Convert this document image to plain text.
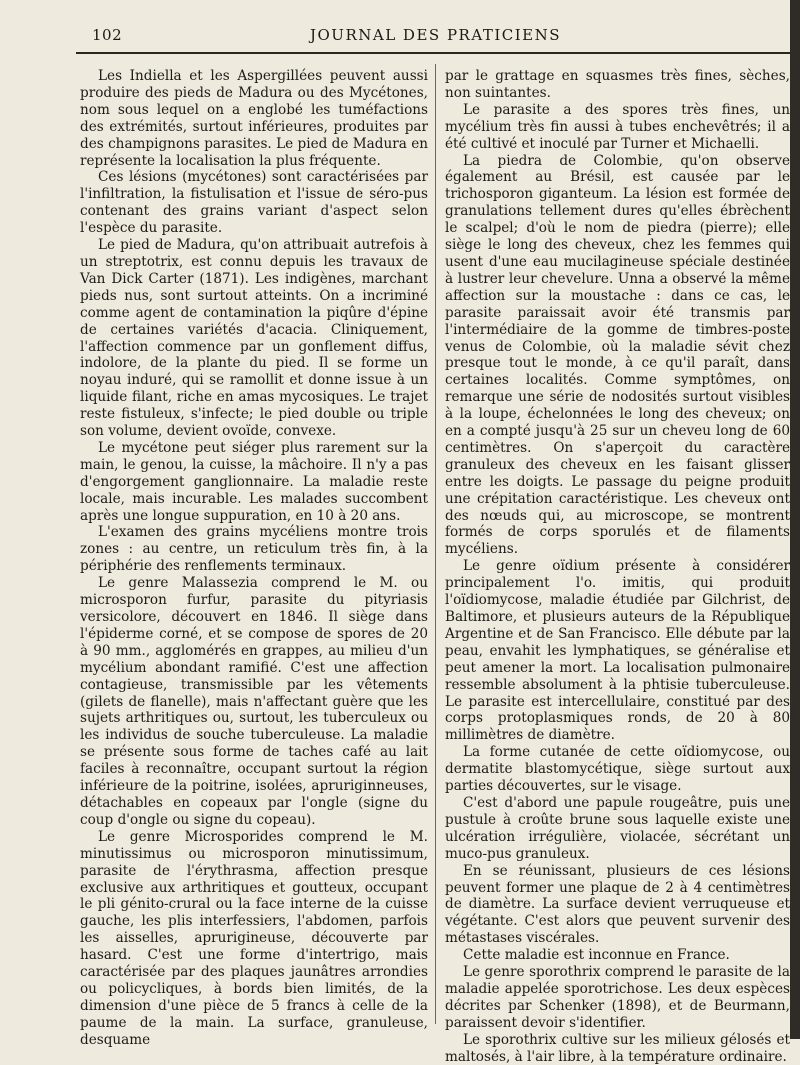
102	JOURNAL DES PRATICIENS

Les Indiella et les Aspergillées peuvent aussi produire des pieds de Madura ou des Mycétones, nom sous lequel on a englobé les tuméfactions des extrémités, surtout inférieures, produites par des champignons parasites. Le pied de Madura en représente la localisation la plus fréquente.

Ces lésions (mycétones) sont caractérisées par l'infiltration, la fistulisation et l'issue de séro-pus contenant des grains variant d'aspect selon l'espèce du parasite.

Le pied de Madura, qu'on attribuait autrefois à un streptotrix, est connu depuis les travaux de Van Dick Carter (1871). Les indigènes, marchant pieds nus, sont surtout atteints. On a incriminé comme agent de contamination la piqûre d'épine de certaines variétés d'acacia. Cliniquement, l'affection commence par un gonflement diffus, indolore, de la plante du pied. Il se forme un noyau induré, qui se ramollit et donne issue à un liquide filant, riche en amas mycosiques. Le trajet reste fistuleux, s'infecte; le pied double ou triple son volume, devient ovoïde, convexe.

Le mycétone peut siéger plus rarement sur la main, le genou, la cuisse, la mâchoire. Il n'y a pas d'engorgement ganglionnaire. La maladie reste locale, mais incurable. Les malades succombent après une longue suppuration, en 10 à 20 ans.

L'examen des grains mycéliens montre trois zones : au centre, un reticulum très fin, à la périphérie des renflements terminaux.

Le genre Malassezia comprend le M. ou microsporon furfur, parasite du pityriasis versicolore, découvert en 1846. Il siège dans l'épiderme corné, et se compose de spores de 20 à 90 mm., agglomérés en grappes, au milieu d'un mycélium abondant ramifié. C'est une affection contagieuse, transmissible par les vêtements (gilets de flanelle), mais n'affectant guère que les sujets arthritiques ou, surtout, les tuberculeux ou les individus de souche tuberculeuse. La maladie se présente sous forme de taches café au lait faciles à reconnaître, occupant surtout la région inférieure de la poitrine, isolées, apruriginneuses, détachables en copeaux par l'ongle (signe du coup d'ongle ou signe du copeau).

Le genre Microsporides comprend le M. minutissimus ou microsporon minutissimum, parasite de l'érythrasma, affection presque exclusive aux arthritiques et goutteux, occupant le pli génito-crural ou la face interne de la cuisse gauche, les plis interfessiers, l'abdomen, parfois les aisselles, aprurigineuse, découverte par hasard. C'est une forme d'intertrigo, mais caractérisée par des plaques jaunâtres arrondies ou policycliques, à bords bien limités, de la dimension d'une pièce de 5 francs à celle de la paume de la main. La surface, granuleuse, desquame

par le grattage en squasmes très fines, sèches, non suintantes.

Le parasite a des spores très fines, un mycélium très fin aussi à tubes enchevêtrés; il a été cultivé et inoculé par Turner et Michaelli.

La piedra de Colombie, qu'on observe également au Brésil, est causée par le trichosporon giganteum. La lésion est formée de granulations tellement dures qu'elles ébrèchent le scalpel; d'où le nom de piedra (pierre); elle siège le long des cheveux, chez les femmes qui usent d'une eau mucilagineuse spéciale destinée à lustrer leur chevelure. Unna a observé la même affection sur la moustache : dans ce cas, le parasite paraissait avoir été transmis par l'intermédiaire de la gomme de timbres-poste venus de Colombie, où la maladie sévit chez presque tout le monde, à ce qu'il paraît, dans certaines localités. Comme symptômes, on remarque une série de nodosités surtout visibles à la loupe, échelonnées le long des cheveux; on en a compté jusqu'à 25 sur un cheveu long de 60 centimètres. On s'aperçoit du caractère granuleux des cheveux en les faisant glisser entre les doigts. Le passage du peigne produit une crépitation caractéristique. Les cheveux ont des nœuds qui, au microscope, se montrent formés de corps sporulés et de filaments mycéliens.

Le genre oïdium présente à considérer principalement l'o. imitis, qui produit l'oïdiomycose, maladie étudiée par Gilchrist, de Baltimore, et plusieurs auteurs de la République Argentine et de San Francisco. Elle débute par la peau, envahit les lymphatiques, se généralise et peut amener la mort. La localisation pulmonaire ressemble absolument à la phtisie tuberculeuse. Le parasite est intercellulaire, constitué par des corps protoplasmiques ronds, de 20 à 80 millimètres de diamètre.

La forme cutanée de cette oïdiomycose, ou dermatite blastomycétique, siège surtout aux parties découvertes, sur le visage.

C'est d'abord une papule rougeâtre, puis une pustule à croûte brune sous laquelle existe une ulcération irrégulière, violacée, sécrétant un muco-pus granuleux.

En se réunissant, plusieurs de ces lésions peuvent former une plaque de 2 à 4 centimètres de diamètre. La surface devient verruqueuse et végétante. C'est alors que peuvent survenir des métastases viscérales.

Cette maladie est inconnue en France.

Le genre sporothrix comprend le parasite de la maladie appelée sporotrichose. Les deux espèces décrites par Schenker (1898), et de Beurmann, paraissent devoir s'identifier.

Le sporothrix cultive sur les milieux gélosés et maltosés, à l'air libre, à la température ordinaire.
